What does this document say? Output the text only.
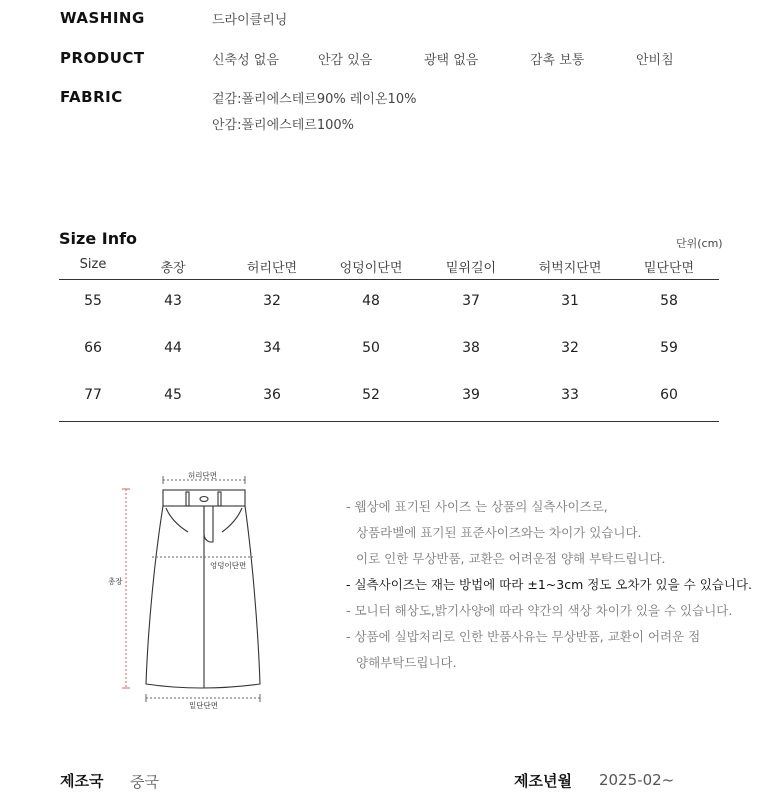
WASHING	드라이클리닝
PRODUCT	신축성 없음	안감 있음	광택 없음	감촉 보통	안비침
FABRIC	겉감:폴리에스테르90% 레이온10%
안감:폴리에스테르100%
Size Info	단위(cm)
Size	총장	허리단면	엉덩이단면	밑위길이	허벅지단면	밑단단면
55	43	32	48	37	31	58
66	44	34	50	38	32	59
77	45	36	52	39	33	60
허리단면
엉덩이단면
총장
밑단단면
- 웹상에 표기된 사이즈 는 상품의 실측사이즈로,
상품라벨에 표기된 표준사이즈와는 차이가 있습니다.
이로 인한 무상반품, 교환은 어려운점 양해 부탁드립니다.
- 실측사이즈는 재는 방법에 따라 ±1~3cm 정도 오차가 있을 수 있습니다.
- 모니터 해상도,밝기사양에 따라 약간의 색상 차이가 있을 수 있습니다.
- 상품에 실밥처리로 인한 반품사유는 무상반품, 교환이 어려운 점
양해부탁드립니다.
제조국 중국	제조년월 2025-02~
